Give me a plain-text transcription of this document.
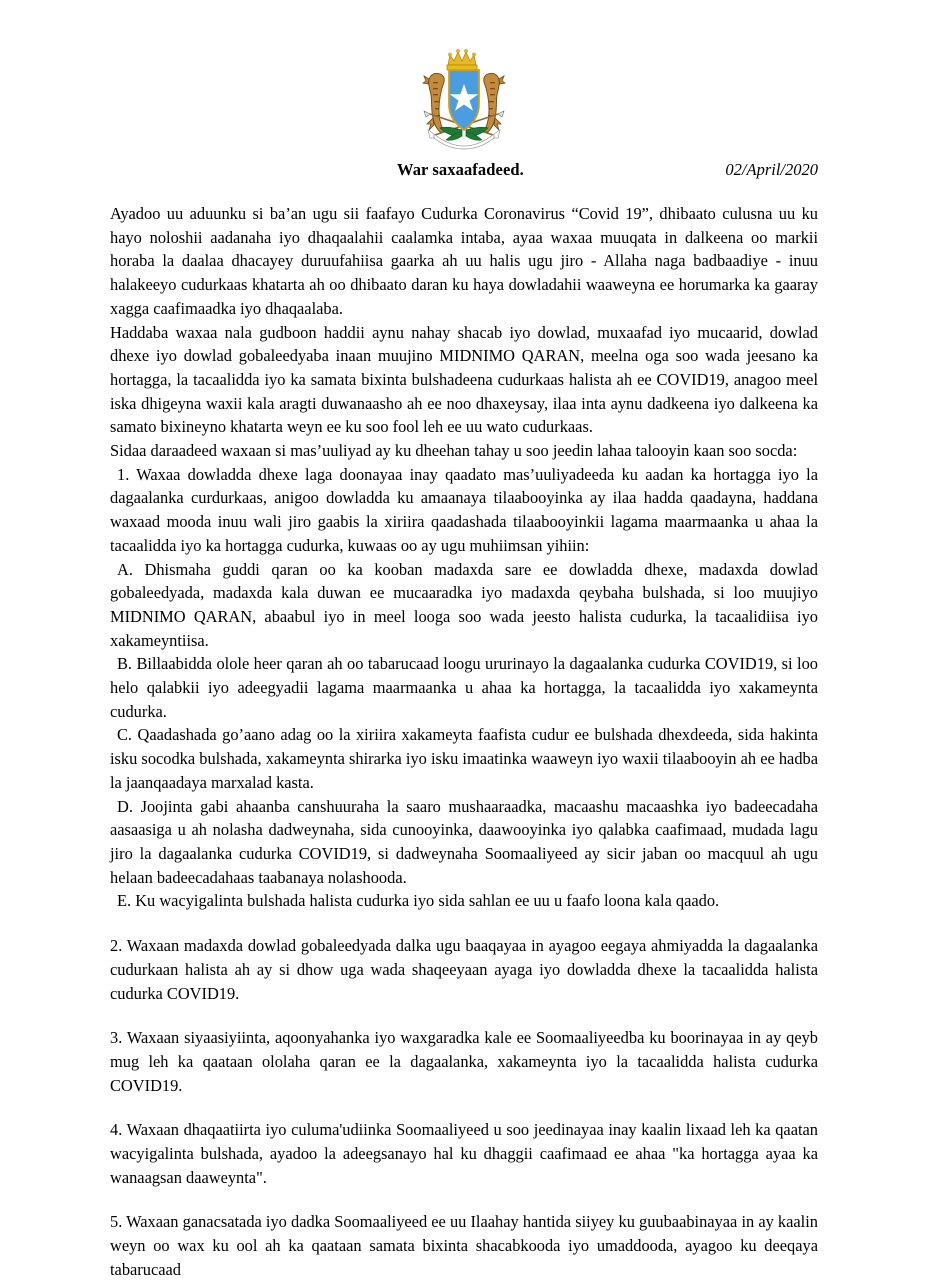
War saxaafadeed.	02/April/2020

Ayadoo uu aduunku si ba’an ugu sii faafayo Cudurka Coronavirus “Covid 19”, dhibaato culusna uu ku hayo noloshii aadanaha iyo dhaqaalahii caalamka intaba, ayaa waxaa muuqata in dalkeena oo markii horaba la daalaa dhacayey duruufahiisa gaarka ah uu halis ugu jiro - Allaha naga badbaadiye - inuu halakeeyo cudurkaas khatarta ah oo dhibaato daran ku haya dowladahii waaweyna ee horumarka ka gaaray xagga caafimaadka iyo dhaqaalaba.

Haddaba waxaa nala gudboon haddii aynu nahay shacab iyo dowlad, muxaafad iyo mucaarid, dowlad dhexe iyo dowlad gobaleedyaba inaan muujino MIDNIMO QARAN, meelna oga soo wada jeesano ka hortagga, la tacaalidda iyo ka samata bixinta bulshadeena cudurkaas halista ah ee COVID19, anagoo meel iska dhigeyna waxii kala aragti duwanaasho ah ee noo dhaxeysay, ilaa inta aynu dadkeena iyo dalkeena ka samato bixineyno khatarta weyn ee ku soo fool leh ee uu wato cudurkaas.

Sidaa daraadeed waxaan si mas’uuliyad ay ku dheehan tahay u soo jeedin lahaa talooyin kaan soo socda:

1. Waxaa dowladda dhexe laga doonayaa inay qaadato mas’uuliyadeeda ku aadan ka hortagga iyo la dagaalanka curdurkaas, anigoo dowladda ku amaanaya tilaabooyinka ay ilaa hadda qaadayna, haddana waxaad mooda inuu wali jiro gaabis la xiriira qaadashada tilaabooyinkii lagama maarmaanka u ahaa la tacaalidda iyo ka hortagga cudurka, kuwaas oo ay ugu muhiimsan yihiin:

A. Dhismaha guddi qaran oo ka kooban madaxda sare ee dowladda dhexe, madaxda dowlad gobaleedyada, madaxda kala duwan ee mucaaradka iyo madaxda qeybaha bulshada, si loo muujiyo MIDNIMO QARAN, abaabul iyo in meel looga soo wada jeesto halista cudurka, la tacaalidiisa iyo xakameyntiisa.

B. Billaabidda olole heer qaran ah oo tabarucaad loogu ururinayo la dagaalanka cudurka COVID19, si loo helo qalabkii iyo adeegyadii lagama maarmaanka u ahaa ka hortagga, la tacaalidda iyo xakameynta cudurka.

C. Qaadashada go’aano adag oo la xiriira xakameyta faafista cudur ee bulshada dhexdeeda, sida hakinta isku socodka bulshada, xakameynta shirarka iyo isku imaatinka waaweyn iyo waxii tilaabooyin ah ee hadba la jaanqaadaya marxalad kasta.

D. Joojinta gabi ahaanba canshuuraha la saaro mushaaraadka, macaashu macaashka iyo badeecadaha aasaasiga u ah nolasha dadweynaha, sida cunooyinka, daawooyinka iyo qalabka caafimaad, mudada lagu jiro la dagaalanka cudurka COVID19, si dadweynaha Soomaaliyeed ay sicir jaban oo macquul ah ugu helaan badeecadahaas taabanaya nolashooda.

E. Ku wacyigalinta bulshada halista cudurka iyo sida sahlan ee uu u faafo loona kala qaado.

2. Waxaan madaxda dowlad gobaleedyada dalka ugu baaqayaa in ayagoo eegaya ahmiyadda la dagaalanka cudurkaan halista ah ay si dhow uga wada shaqeeyaan ayaga iyo dowladda dhexe la tacaalidda halista cudurka COVID19.

3. Waxaan siyaasiyiinta, aqoonyahanka iyo waxgaradka kale ee Soomaaliyeedba ku boorinayaa in ay qeyb mug leh ka qaataan ololaha qaran ee la dagaalanka, xakameynta iyo la tacaalidda halista cudurka COVID19.

4. Waxaan dhaqaatiirta iyo culuma'udiinka Soomaaliyeed u soo jeedinayaa inay kaalin lixaad leh ka qaatan wacyigalinta bulshada, ayadoo la adeegsanayo hal ku dhaggii caafimaad ee ahaa "ka hortagga ayaa ka wanaagsan daaweynta".

5. Waxaan ganacsatada iyo dadka Soomaaliyeed ee uu Ilaahay hantida siiyey ku guubaabinayaa in ay kaalin weyn oo wax ku ool ah ka qaataan samata bixinta shacabkooda iyo umaddooda, ayagoo ku deeqaya tabarucaad
